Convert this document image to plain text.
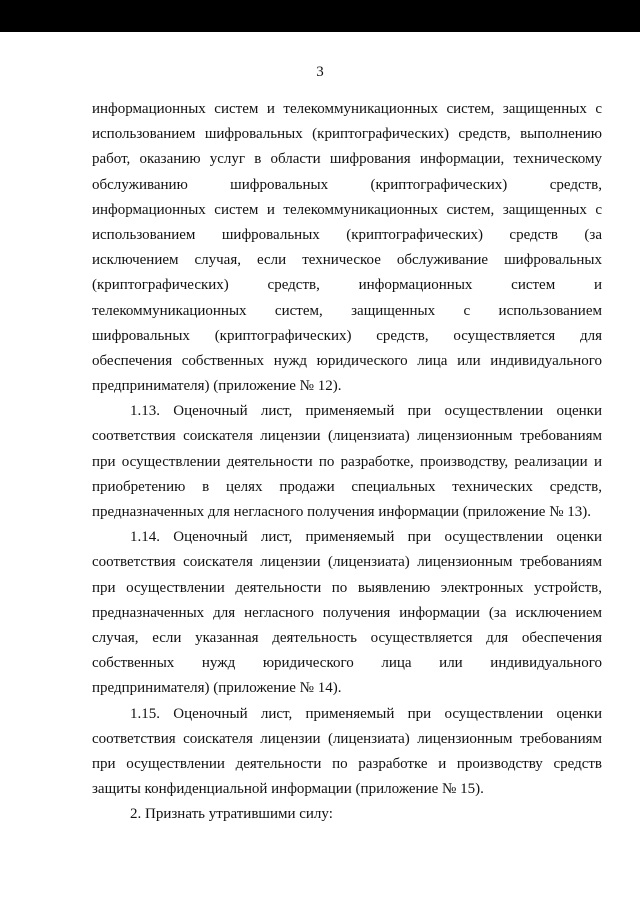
3
информационных систем и телекоммуникационных систем, защищенных с
использованием шифровальных (криптографических) средств, выполнению
работ, оказанию услуг в области шифрования информации, техническому
обслуживанию шифровальных (криптографических) средств,
информационных систем и телекоммуникационных систем, защищенных с
использованием шифровальных (криптографических) средств (за
исключением случая, если техническое обслуживание шифровальных
(криптографических) средств, информационных систем и
телекоммуникационных систем, защищенных с использованием
шифровальных (криптографических) средств, осуществляется для
обеспечения собственных нужд юридического лица или индивидуального
предпринимателя) (приложение № 12).
1.13. Оценочный лист, применяемый при осуществлении оценки
соответствия соискателя лицензии (лицензиата) лицензионным требованиям
при осуществлении деятельности по разработке, производству, реализации и
приобретению в целях продажи специальных технических средств,
предназначенных для негласного получения информации (приложение № 13).
1.14. Оценочный лист, применяемый при осуществлении оценки
соответствия соискателя лицензии (лицензиата) лицензионным требованиям
при осуществлении деятельности по выявлению электронных устройств,
предназначенных для негласного получения информации (за исключением
случая, если указанная деятельность осуществляется для обеспечения
собственных нужд юридического лица или индивидуального
предпринимателя) (приложение № 14).
1.15. Оценочный лист, применяемый при осуществлении оценки
соответствия соискателя лицензии (лицензиата) лицензионным требованиям
при осуществлении деятельности по разработке и производству средств
защиты конфиденциальной информации (приложение № 15).
2. Признать утратившими силу:
